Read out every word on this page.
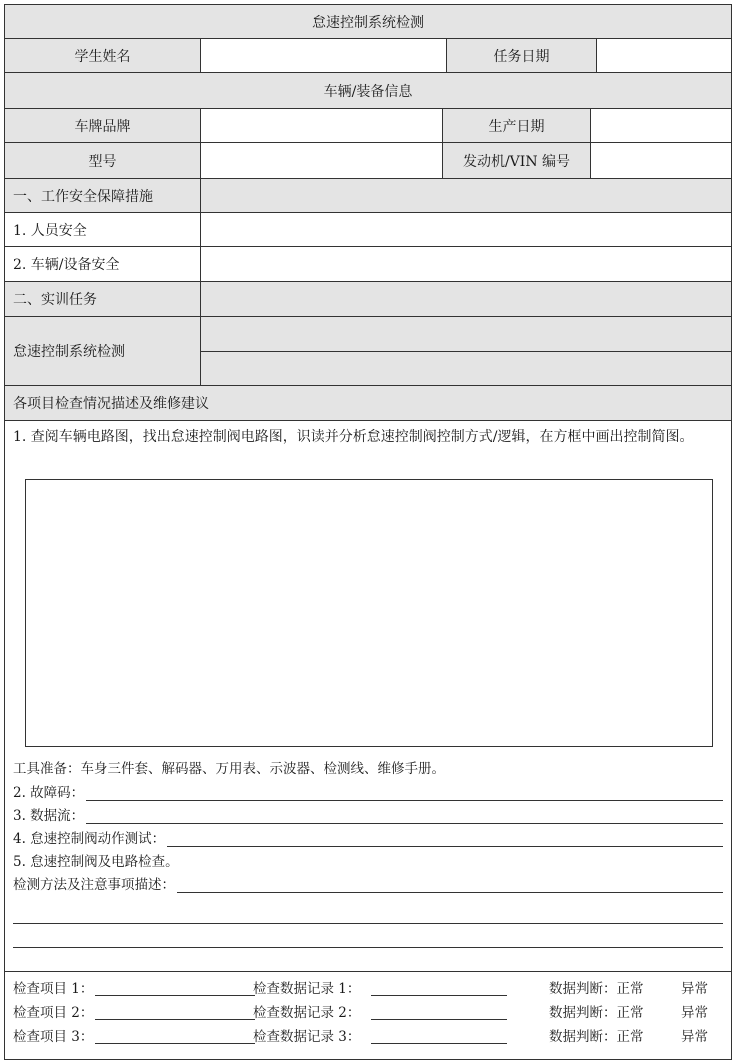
怠速控制系统检测
学生姓名	任务日期
车辆/装备信息
车牌品牌	生产日期
型号	发动机/VIN 编号
一、工作安全保障措施
1. 人员安全
2. 车辆/设备安全
二、实训任务
怠速控制系统检测
各项目检查情况描述及维修建议
1. 查阅车辆电路图，找出怠速控制阀电路图，识读并分析怠速控制阀控制方式/逻辑，在方框中画出控制简图。
工具准备：车身三件套、解码器、万用表、示波器、检测线、维修手册。
2. 故障码：
3. 数据流：
4. 怠速控制阀动作测试：
5. 怠速控制阀及电路检查。
检测方法及注意事项描述：
检查项目 1：	检查数据记录 1：	数据判断：正常	异常
检查项目 2：	检查数据记录 2：	数据判断：正常	异常
检查项目 3：	检查数据记录 3：	数据判断：正常	异常
